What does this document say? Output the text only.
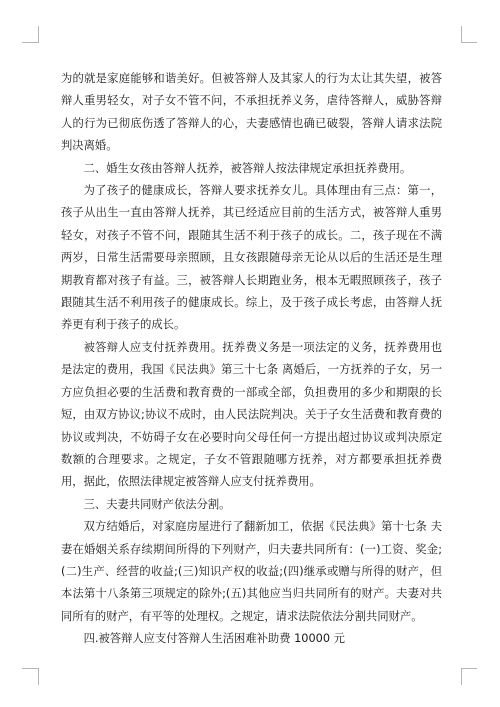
为的就是家庭能够和谐美好。但被答辩人及其家人的行为太让其失望，被答辩人重男轻女，对子女不管不问，不承担抚养义务，虐待答辩人，威胁答辩人的行为已彻底伤透了答辩人的心，夫妻感情也确已破裂，答辩人请求法院判决离婚。

二、婚生女孩由答辩人抚养，被答辩人按法律规定承担抚养费用。

为了孩子的健康成长，答辩人要求抚养女儿。具体理由有三点：第一，孩子从出生一直由答辩人抚养，其已经适应目前的生活方式，被答辩人重男轻女，对孩子不管不问，跟随其生活不利于孩子的成长。二，孩子现在不满两岁，日常生活需要母亲照顾，且女孩跟随母亲无论从以后的生活还是生理期教育都对孩子有益。三，被答辩人长期跑业务，根本无暇照顾孩子，孩子跟随其生活不利用孩子的健康成长。综上，及于孩子成长考虑，由答辩人抚养更有利于孩子的成长。

被答辩人应支付抚养费用。抚养费义务是一项法定的义务，抚养费用也是法定的费用，我国《民法典》第三十七条 离婚后，一方抚养的子女，另一方应负担必要的生活费和教育费的一部或全部，负担费用的多少和期限的长短，由双方协议;协议不成时，由人民法院判决。关于子女生活费和教育费的协议或判决，不妨碍子女在必要时向父母任何一方提出超过协议或判决原定数额的合理要求。之规定，子女不管跟随哪方抚养，对方都要承担抚养费用，据此，依照法律规定被答辩人应支付抚养费用。

三、夫妻共同财产依法分割。

双方结婚后，对家庭房屋进行了翻新加工，依据《民法典》第十七条 夫妻在婚姻关系存续期间所得的下列财产，归夫妻共同所有：(一)工资、奖金;(二)生产、经营的收益;(三)知识产权的收益;(四)继承或赠与所得的财产，但本法第十八条第三项规定的除外;(五)其他应当归共同所有的财产。夫妻对共同所有的财产，有平等的处理权。之规定，请求法院依法分割共同财产。

四.被答辩人应支付答辩人生活困难补助费 10000 元
